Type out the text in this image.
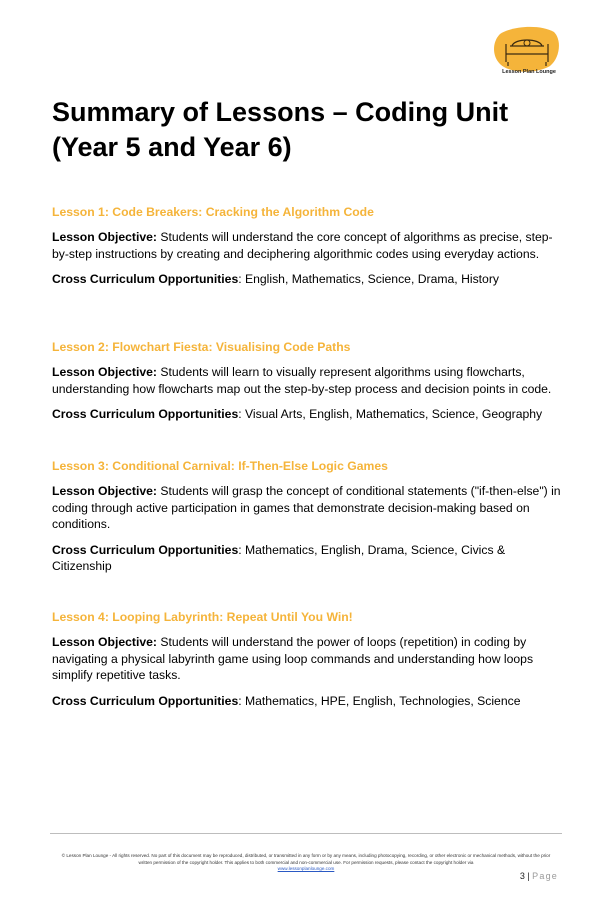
Lesson Plan Lounge
Summary of Lessons – Coding Unit (Year 5 and Year 6)
Lesson 1: Code Breakers: Cracking the Algorithm Code

Lesson Objective: Students will understand the core concept of algorithms as precise, step-by-step instructions by creating and deciphering algorithmic codes using everyday actions.

Cross Curriculum Opportunities: English, Mathematics, Science, Drama, History

Lesson 2: Flowchart Fiesta: Visualising Code Paths

Lesson Objective: Students will learn to visually represent algorithms using flowcharts, understanding how flowcharts map out the step-by-step process and decision points in code.

Cross Curriculum Opportunities: Visual Arts, English, Mathematics, Science, Geography

Lesson 3: Conditional Carnival: If-Then-Else Logic Games

Lesson Objective: Students will grasp the concept of conditional statements ("if-then-else") in coding through active participation in games that demonstrate decision-making based on conditions.

Cross Curriculum Opportunities: Mathematics, English, Drama, Science, Civics & Citizenship

Lesson 4: Looping Labyrinth: Repeat Until You Win!

Lesson Objective: Students will understand the power of loops (repetition) in coding by navigating a physical labyrinth game using loop commands and understanding how loops simplify repetitive tasks.

Cross Curriculum Opportunities: Mathematics, HPE, English, Technologies, Science

© Lesson Plan Lounge - All rights reserved. No part of this document may be reproduced, distributed, or transmitted in any form or by any means, including photocopying, recording, or other electronic or mechanical methods, without the prior written permission of the copyright holder. This applies to both commercial and non-commercial use. For permission requests, please contact the copyright holder via
www.lessonplanlounge.com
3 | Page
